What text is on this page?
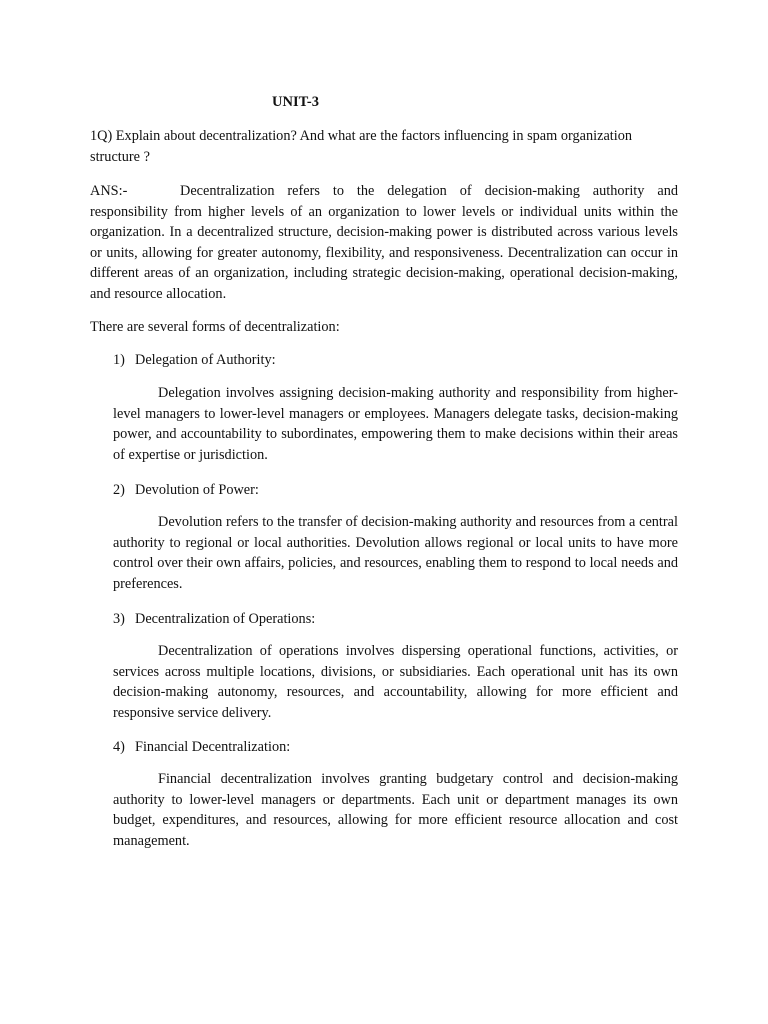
UNIT-3

1Q) Explain about decentralization? And what are the factors influencing in spam organization structure ?

ANS:-	Decentralization refers to the delegation of decision-making authority and responsibility from higher levels of an organization to lower levels or individual units within the organization. In a decentralized structure, decision-making power is distributed across various levels or units, allowing for greater autonomy, flexibility, and responsiveness. Decentralization can occur in different areas of an organization, including strategic decision-making, operational decision-making, and resource allocation.

There are several forms of decentralization:

1) Delegation of Authority:

Delegation involves assigning decision-making authority and responsibility from higher-level managers to lower-level managers or employees. Managers delegate tasks, decision-making power, and accountability to subordinates, empowering them to make decisions within their areas of expertise or jurisdiction.

2) Devolution of Power:

Devolution refers to the transfer of decision-making authority and resources from a central authority to regional or local authorities. Devolution allows regional or local units to have more control over their own affairs, policies, and resources, enabling them to respond to local needs and preferences.

3) Decentralization of Operations:

Decentralization of operations involves dispersing operational functions, activities, or services across multiple locations, divisions, or subsidiaries. Each operational unit has its own decision-making autonomy, resources, and accountability, allowing for more efficient and responsive service delivery.

4) Financial Decentralization:

Financial decentralization involves granting budgetary control and decision-making authority to lower-level managers or departments. Each unit or department manages its own budget, expenditures, and resources, allowing for more efficient resource allocation and cost management.
